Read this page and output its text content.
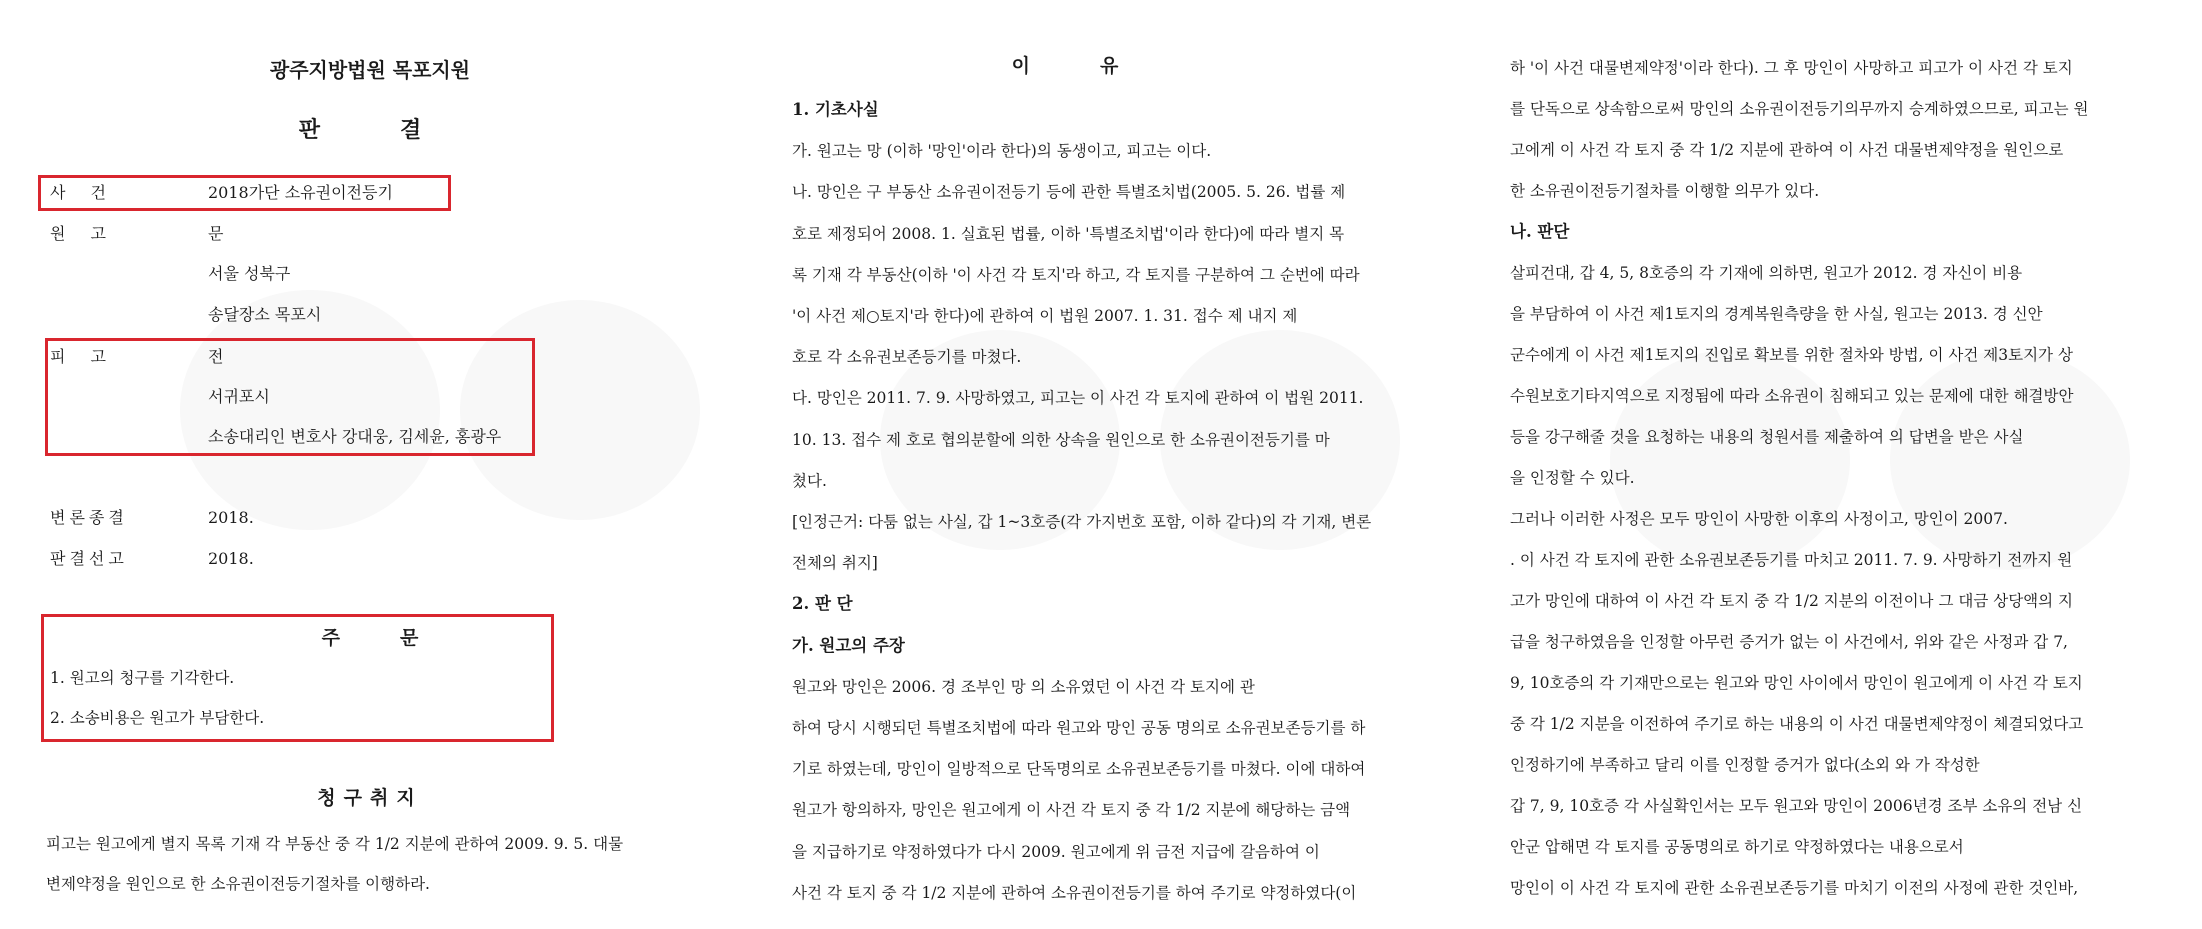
광주지방법원 목포지원
판결
사 건	2018가단 소유권이전등기
원 고	문
서울 성북구
송달장소 목포시
피 고	전
서귀포시
소송대리인 변호사 강대웅, 김세윤, 홍광우
변론종결	2018.
판결선고	2018.
주문
1. 원고의 청구를 기각한다.
2. 소송비용은 원고가 부담한다.
청구취지
피고는 원고에게 별지 목록 기재 각 부동산 중 각 1/2 지분에 관하여 2009. 9. 5. 대물
변제약정을 원인으로 한 소유권이전등기절차를 이행하라.
이유
1. 기초사실
가. 원고는 망 (이하 '망인'이라 한다)의 동생이고, 피고는 이다.
나. 망인은 구 부동산 소유권이전등기 등에 관한 특별조치법(2005. 5. 26. 법률 제
호로 제정되어 2008. 1. 실효된 법률, 이하 '특별조치법'이라 한다)에 따라 별지 목
록 기재 각 부동산(이하 '이 사건 각 토지'라 하고, 각 토지를 구분하여 그 순번에 따라
'이 사건 제○토지'라 한다)에 관하여 이 법원 2007. 1. 31. 접수 제 내지 제
호로 각 소유권보존등기를 마쳤다.
다. 망인은 2011. 7. 9. 사망하였고, 피고는 이 사건 각 토지에 관하여 이 법원 2011.
10. 13. 접수 제 호로 협의분할에 의한 상속을 원인으로 한 소유권이전등기를 마
쳤다.
[인정근거: 다툼 없는 사실, 갑 1~3호증(각 가지번호 포함, 이하 같다)의 각 기재, 변론
전체의 취지]
2. 판 단
가. 원고의 주장
원고와 망인은 2006. 경 조부인 망 의 소유였던 이 사건 각 토지에 관
하여 당시 시행되던 특별조치법에 따라 원고와 망인 공동 명의로 소유권보존등기를 하
기로 하였는데, 망인이 일방적으로 단독명의로 소유권보존등기를 마쳤다. 이에 대하여
원고가 항의하자, 망인은 원고에게 이 사건 각 토지 중 각 1/2 지분에 해당하는 금액
을 지급하기로 약정하였다가 다시 2009. 원고에게 위 금전 지급에 갈음하여 이
사건 각 토지 중 각 1/2 지분에 관하여 소유권이전등기를 하여 주기로 약정하였다(이
하 '이 사건 대물변제약정'이라 한다). 그 후 망인이 사망하고 피고가 이 사건 각 토지
를 단독으로 상속함으로써 망인의 소유권이전등기의무까지 승계하였으므로, 피고는 원
고에게 이 사건 각 토지 중 각 1/2 지분에 관하여 이 사건 대물변제약정을 원인으로
한 소유권이전등기절차를 이행할 의무가 있다.
나. 판단
살피건대, 갑 4, 5, 8호증의 각 기재에 의하면, 원고가 2012. 경 자신이 비용
을 부담하여 이 사건 제1토지의 경계복원측량을 한 사실, 원고는 2013. 경 신안
군수에게 이 사건 제1토지의 진입로 확보를 위한 절차와 방법, 이 사건 제3토지가 상
수원보호기타지역으로 지정됨에 따라 소유권이 침해되고 있는 문제에 대한 해결방안
등을 강구해줄 것을 요청하는 내용의 청원서를 제출하여 의 답변을 받은 사실
을 인정할 수 있다.
그러나 이러한 사정은 모두 망인이 사망한 이후의 사정이고, 망인이 2007.
. 이 사건 각 토지에 관한 소유권보존등기를 마치고 2011. 7. 9. 사망하기 전까지 원
고가 망인에 대하여 이 사건 각 토지 중 각 1/2 지분의 이전이나 그 대금 상당액의 지
급을 청구하였음을 인정할 아무런 증거가 없는 이 사건에서, 위와 같은 사정과 갑 7,
9, 10호증의 각 기재만으로는 원고와 망인 사이에서 망인이 원고에게 이 사건 각 토지
중 각 1/2 지분을 이전하여 주기로 하는 내용의 이 사건 대물변제약정이 체결되었다고
인정하기에 부족하고 달리 이를 인정할 증거가 없다(소외 와 가 작성한
갑 7, 9, 10호증 각 사실확인서는 모두 원고와 망인이 2006년경 조부 소유의 전남 신
안군 압해면 각 토지를 공동명의로 하기로 약정하였다는 내용으로서
망인이 이 사건 각 토지에 관한 소유권보존등기를 마치기 이전의 사정에 관한 것인바,
